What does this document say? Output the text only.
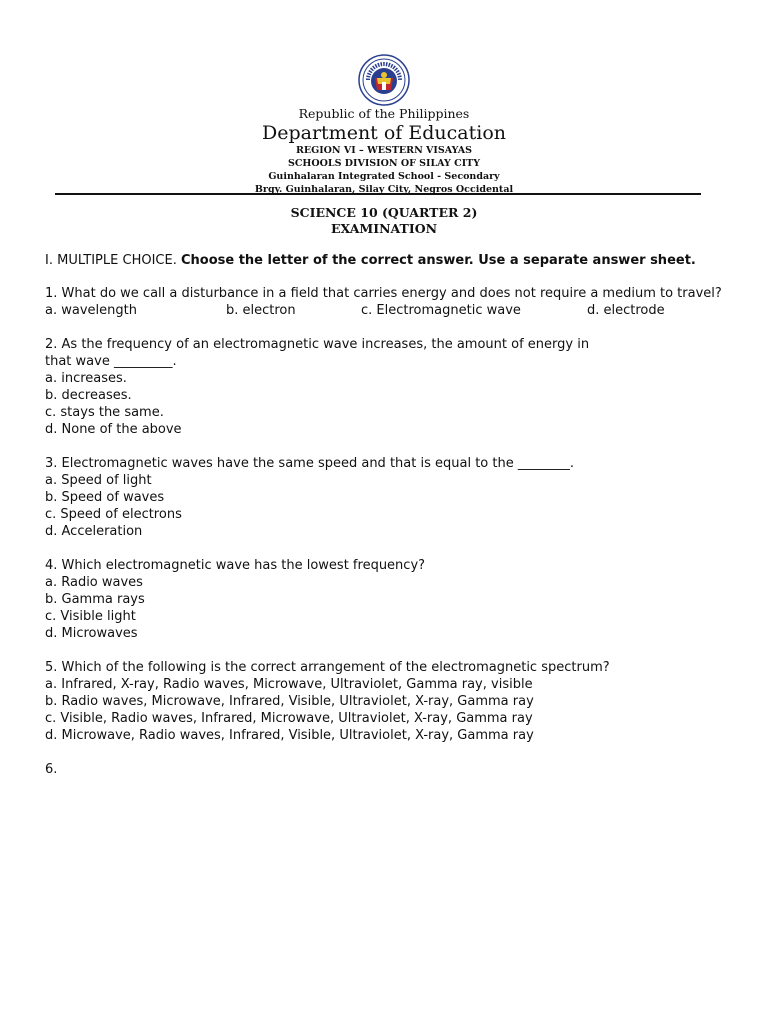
Republic of the Philippines
Department of Education
REGION VI – WESTERN VISAYAS
SCHOOLS DIVISION OF SILAY CITY
Guinhalaran Integrated School - Secondary
Brgy. Guinhalaran, Silay City, Negros Occidental
SCIENCE 10 (QUARTER 2)
EXAMINATION

I. MULTIPLE CHOICE. Choose the letter of the correct answer. Use a separate answer sheet.

1. What do we call a disturbance in a field that carries energy and does not require a medium to travel?

a. wavelength	b. electron	c. Electromagnetic wave	d. electrode

2. As the frequency of an electromagnetic wave increases, the amount of energy in

that wave _________.

a. increases.

b. decreases.

c. stays the same.

d. None of the above

3. Electromagnetic waves have the same speed and that is equal to the ________.

a. Speed of light

b. Speed of waves

c. Speed of electrons

d. Acceleration

4. Which electromagnetic wave has the lowest frequency?

a. Radio waves

b. Gamma rays

c. Visible light

d. Microwaves

5. Which of the following is the correct arrangement of the electromagnetic spectrum?

a. Infrared, X-ray, Radio waves, Microwave, Ultraviolet, Gamma ray, visible

b. Radio waves, Microwave, Infrared, Visible, Ultraviolet, X-ray, Gamma ray

c. Visible, Radio waves, Infrared, Microwave, Ultraviolet, X-ray, Gamma ray

d. Microwave, Radio waves, Infrared, Visible, Ultraviolet, X-ray, Gamma ray

6.
